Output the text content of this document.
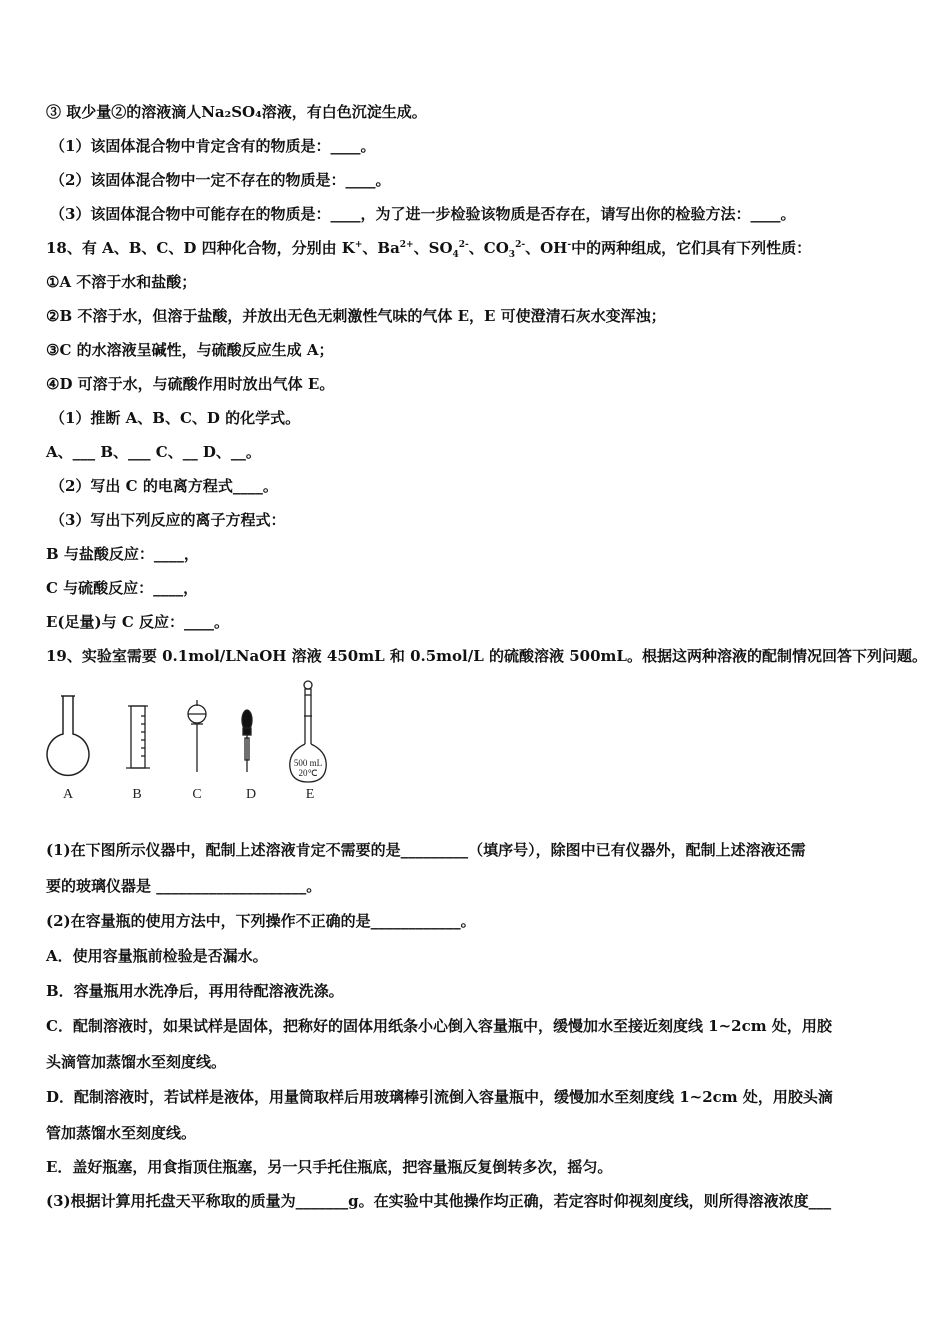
③ 取少量②的溶液滴人Na₂SO₄溶液，有白色沉淀生成。
（1）该固体混合物中肯定含有的物质是：____。
（2）该固体混合物中一定不存在的物质是：____。
（3）该固体混合物中可能存在的物质是：____，为了进一步检验该物质是否存在，请写出你的检验方法：____。
18、有 A、B、C、D 四种化合物，分别由 K+、$Ba^{2+}$、$SO_4^{2-}$、$CO_3^{2-}$、OH-中的两种组成，它们具有下列性质：
①A 不溶于水和盐酸；
②B 不溶于水，但溶于盐酸，并放出无色无刺激性气味的气体 E，E 可使澄清石灰水变浑浊；
③C 的水溶液呈碱性，与硫酸反应生成 A；
④D 可溶于水，与硫酸作用时放出气体 E。
（1）推断 A、B、C、D 的化学式。
A、___ B、___ C、__ D、__。
（2）写出 C 的电离方程式____。
（3）写出下列反应的离子方程式：
B 与盐酸反应：____，
C 与硫酸反应：____，
E(足量)与 C 反应：____。
19、实验室需要 0.1mol/LNaOH 溶液 450mL 和 0.5mol/L 的硫酸溶液 500mL。根据这两种溶液的配制情况回答下列问题。
500 mL
20℃
A	B	C	D	E
(1)在下图所示仪器中，配制上述溶液肯定不需要的是_________（填序号），除图中已有仪器外，配制上述溶液还需
要的玻璃仪器是 ____________________。
(2)在容量瓶的使用方法中，下列操作不正确的是____________。
A．使用容量瓶前检验是否漏水。
B．容量瓶用水洗净后，再用待配溶液洗涤。
C．配制溶液时，如果试样是固体，把称好的固体用纸条小心倒入容量瓶中，缓慢加水至接近刻度线 1~2cm 处，用胶
头滴管加蒸馏水至刻度线。
D．配制溶液时，若试样是液体，用量筒取样后用玻璃棒引流倒入容量瓶中，缓慢加水至刻度线 1~2cm 处，用胶头滴
管加蒸馏水至刻度线。
E．盖好瓶塞，用食指顶住瓶塞，另一只手托住瓶底，把容量瓶反复倒转多次，摇匀。
(3)根据计算用托盘天平称取的质量为_______g。在实验中其他操作均正确，若定容时仰视刻度线，则所得溶液浓度___
